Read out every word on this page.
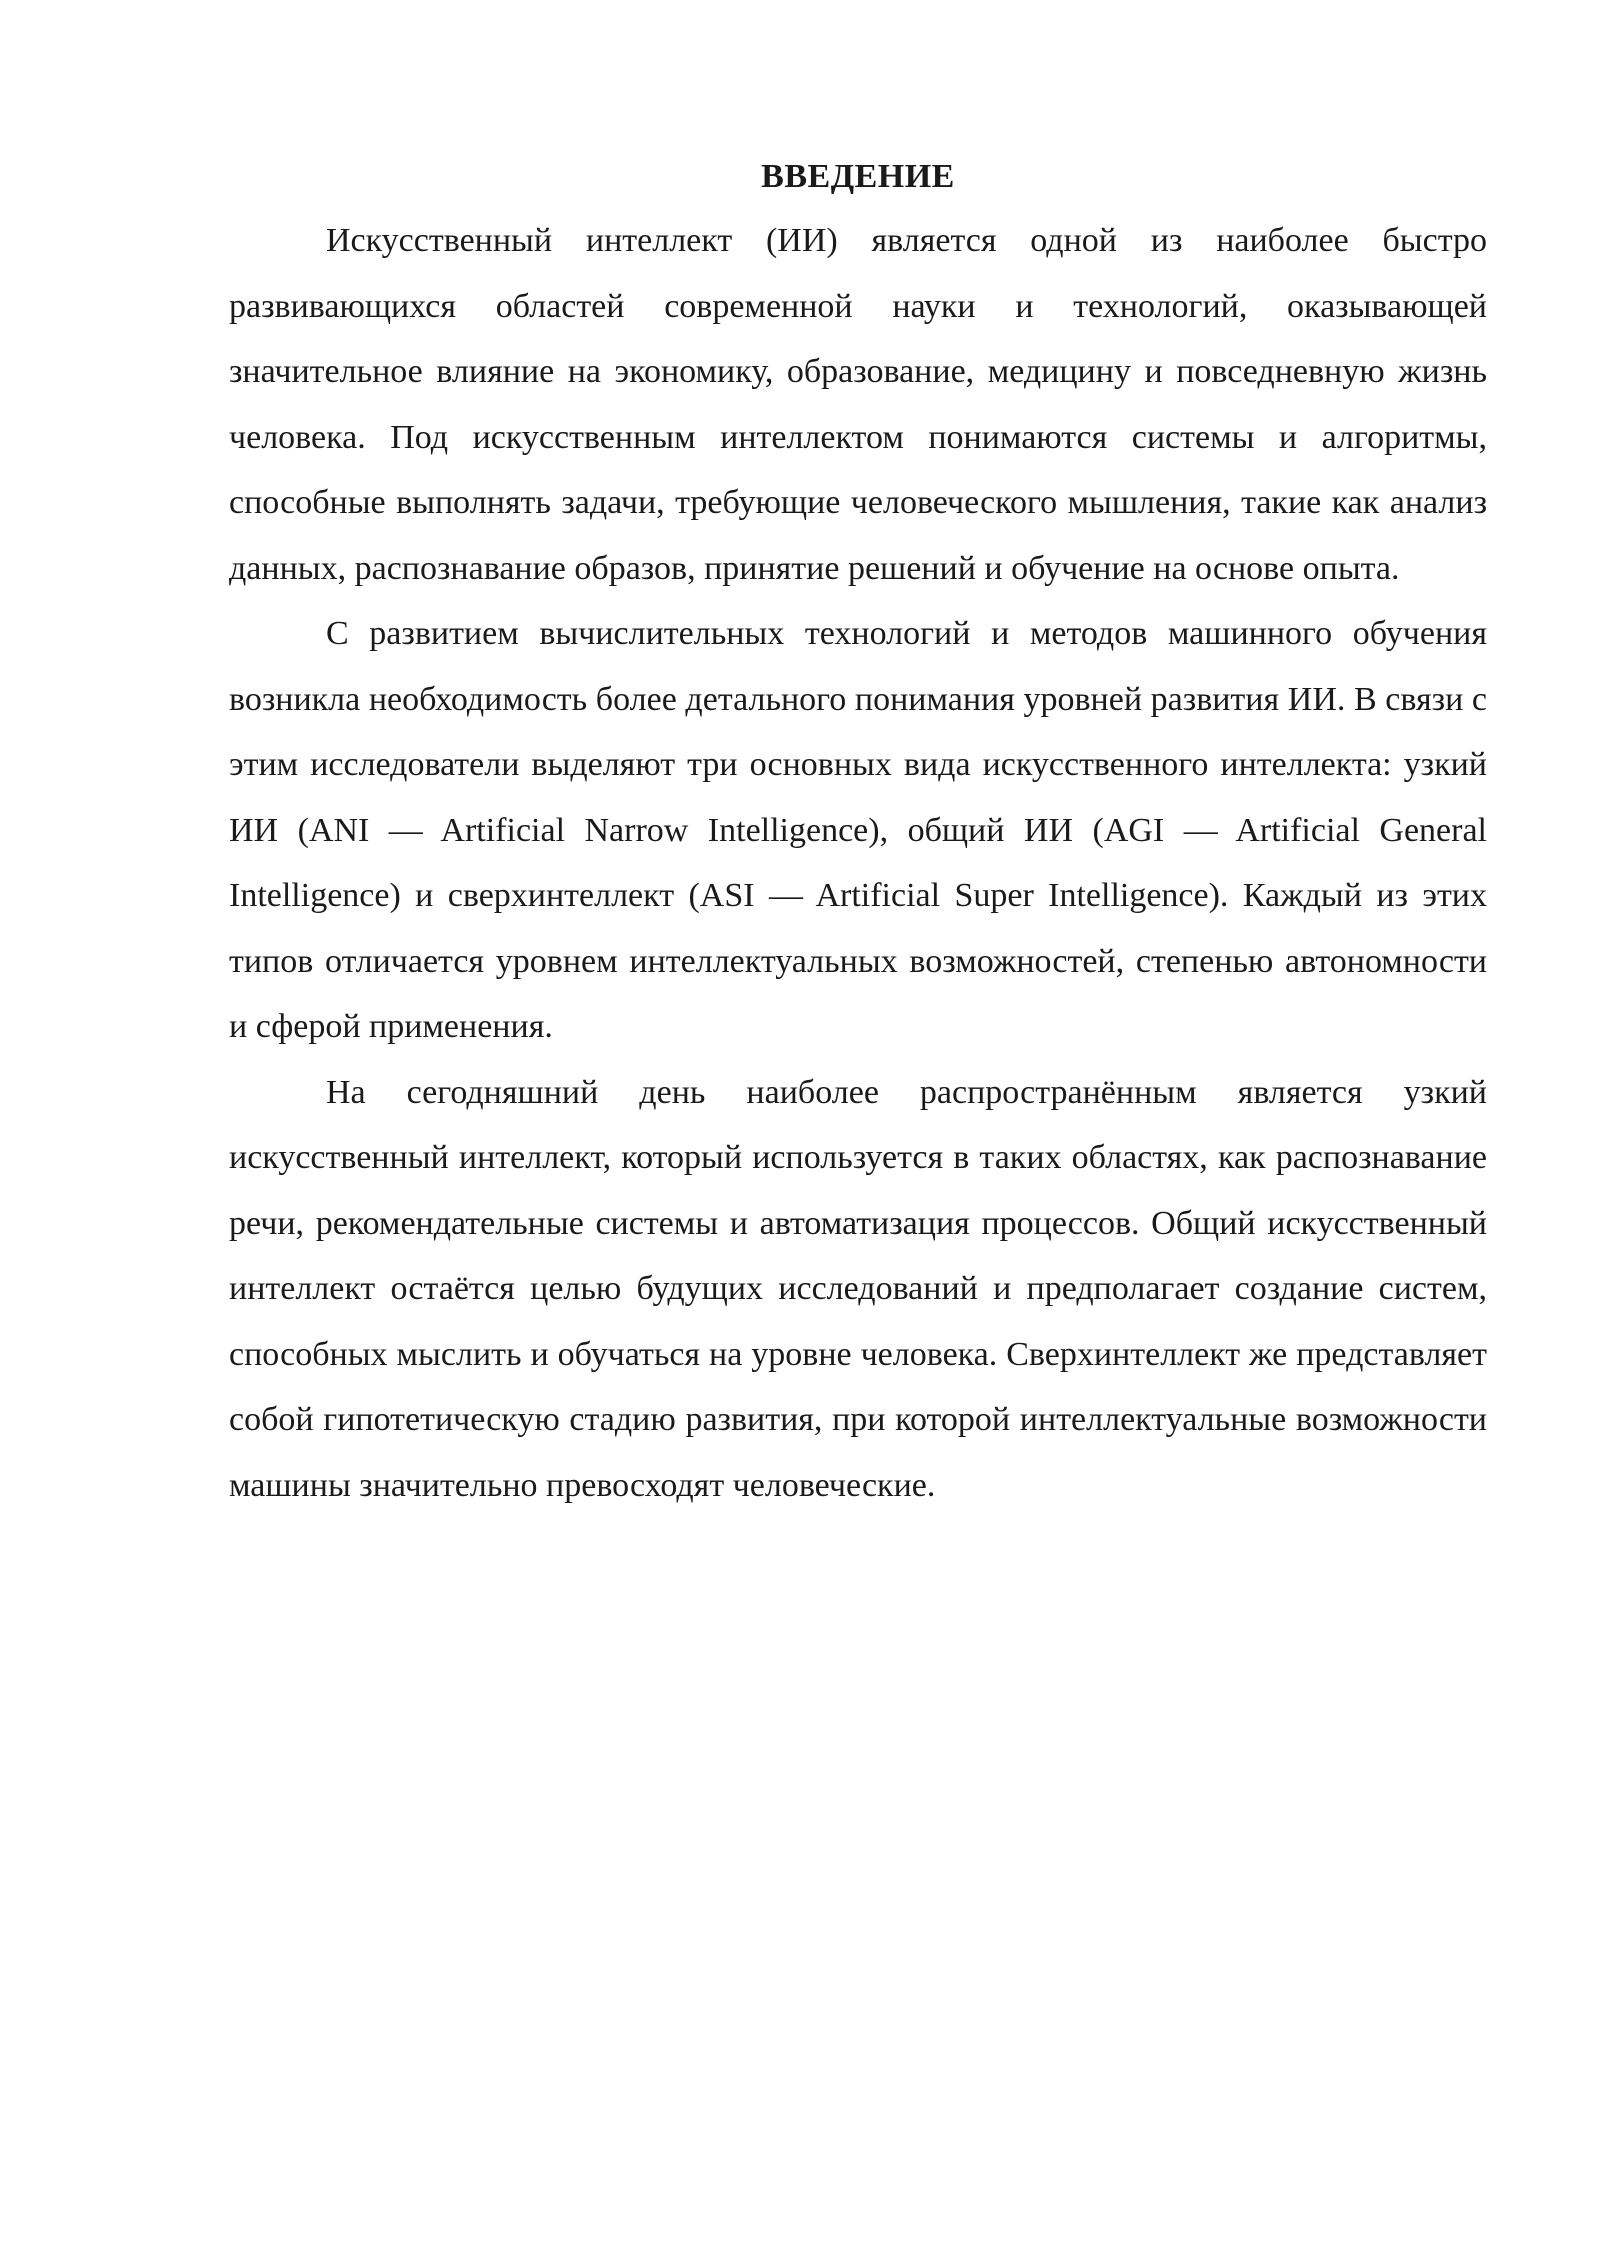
ВВЕДЕНИЕ

Искусственный интеллект (ИИ) является одной из наиболее быстро развивающихся областей современной науки и технологий, оказывающей значительное влияние на экономику, образование, медицину и повседневную жизнь человека. Под искусственным интеллектом понимаются системы и алгоритмы, способные выполнять задачи, требующие человеческого мышления, такие как анализ данных, распознавание образов, принятие решений и обучение на основе опыта.

С развитием вычислительных технологий и методов машинного обучения возникла необходимость более детального понимания уровней развития ИИ. В связи с этим исследователи выделяют три основных вида искусственного интеллекта: узкий ИИ (ANI — Artificial Narrow Intelligence), общий ИИ (AGI — Artificial General Intelligence) и сверхинтеллект (ASI — Artificial Super Intelligence). Каждый из этих типов отличается уровнем интеллектуальных возможностей, степенью автономности и сферой применения.

На сегодняшний день наиболее распространённым является узкий искусственный интеллект, который используется в таких областях, как распознавание речи, рекомендательные системы и автоматизация процессов. Общий искусственный интеллект остаётся целью будущих исследований и предполагает создание систем, способных мыслить и обучаться на уровне человека. Сверхинтеллект же представляет собой гипотетическую стадию развития, при которой интеллектуальные возможности машины значительно превосходят человеческие.
